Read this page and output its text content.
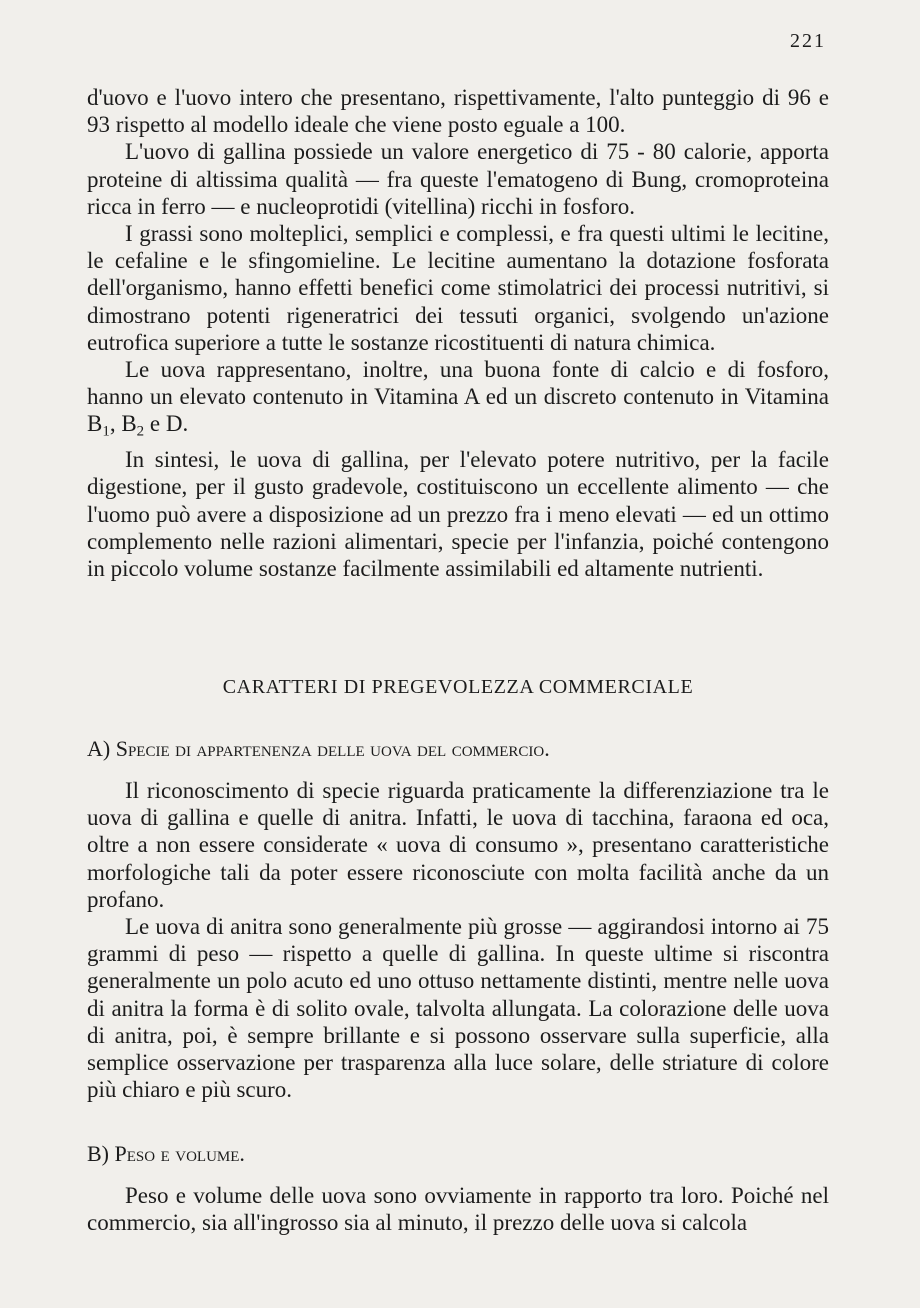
221

d'uovo e l'uovo intero che presentano, rispettivamente, l'alto punteggio di 96 e 93 rispetto al modello ideale che viene posto eguale a 100.

L'uovo di gallina possiede un valore energetico di 75 - 80 calorie, apporta proteine di altissima qualità — fra queste l'ematogeno di Bung, cromoproteina ricca in ferro — e nucleoprotidi (vitellina) ricchi in fosforo.

I grassi sono molteplici, semplici e complessi, e fra questi ultimi le lecitine, le cefaline e le sfingomieline. Le lecitine aumentano la dotazione fosforata dell'organismo, hanno effetti benefici come stimolatrici dei processi nutritivi, si dimostrano potenti rigeneratrici dei tessuti organici, svolgendo un'azione eutrofica superiore a tutte le sostanze ricostituenti di natura chimica.

Le uova rappresentano, inoltre, una buona fonte di calcio e di fosforo, hanno un elevato contenuto in Vitamina A ed un discreto contenuto in Vitamina $B_1$, $B_2$ e D.

In sintesi, le uova di gallina, per l'elevato potere nutritivo, per la facile digestione, per il gusto gradevole, costituiscono un eccellente alimento — che l'uomo può avere a disposizione ad un prezzo fra i meno elevati — ed un ottimo complemento nelle razioni alimentari, specie per l'infanzia, poiché contengono in piccolo volume sostanze facilmente assimilabili ed altamente nutrienti.

CARATTERI DI PREGEVOLEZZA COMMERCIALE
A) Specie di appartenenza delle uova del commercio.

Il riconoscimento di specie riguarda praticamente la differenziazione tra le uova di gallina e quelle di anitra. Infatti, le uova di tacchina, faraona ed oca, oltre a non essere considerate « uova di consumo », presentano caratteristiche morfologiche tali da poter essere riconosciute con molta facilità anche da un profano.

Le uova di anitra sono generalmente più grosse — aggirandosi intorno ai 75 grammi di peso — rispetto a quelle di gallina. In queste ultime si riscontra generalmente un polo acuto ed uno ottuso nettamente distinti, mentre nelle uova di anitra la forma è di solito ovale, talvolta allungata. La colorazione delle uova di anitra, poi, è sempre brillante e si possono osservare sulla superficie, alla semplice osservazione per trasparenza alla luce solare, delle striature di colore più chiaro e più scuro.

B) Peso e volume.

Peso e volume delle uova sono ovviamente in rapporto tra loro. Poiché nel commercio, sia all'ingrosso sia al minuto, il prezzo delle uova si calcola
